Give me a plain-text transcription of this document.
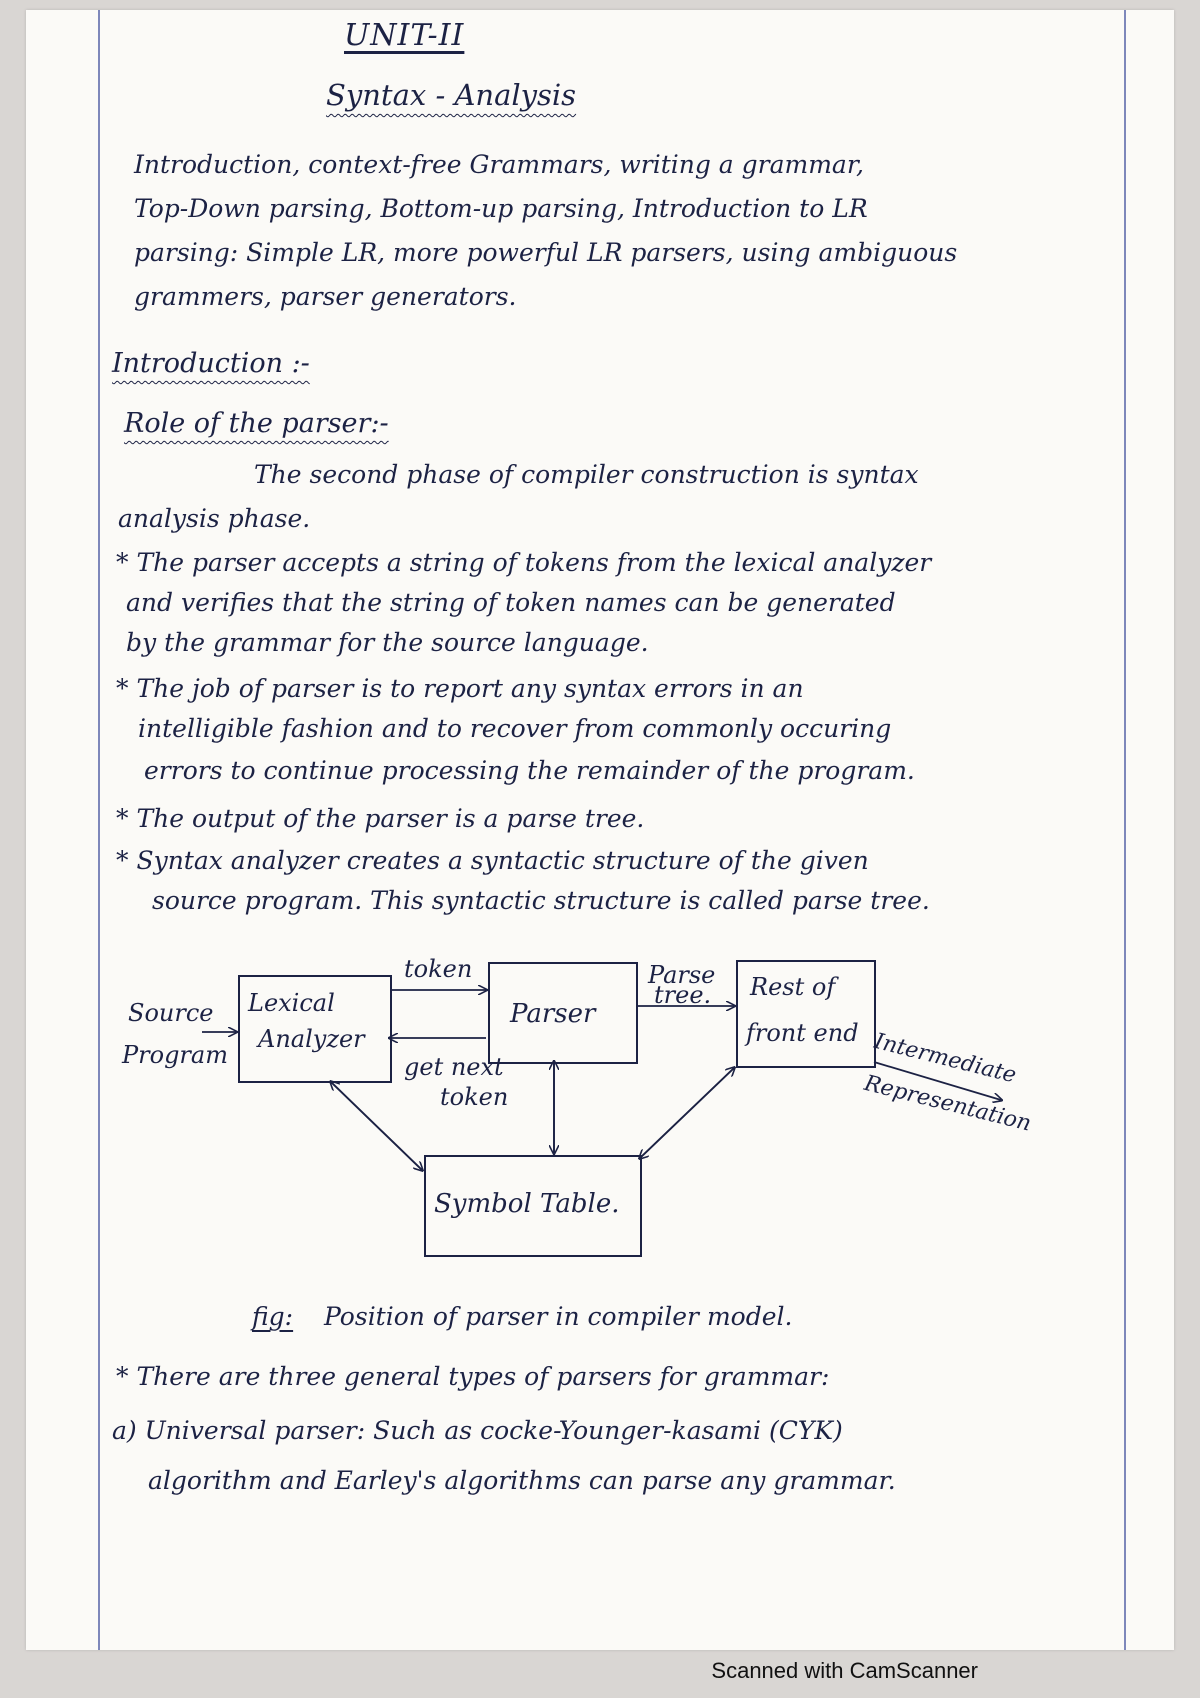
UNIT-II
Syntax - Analysis
Introduction, context-free Grammars, writing a grammar,
Top-Down parsing, Bottom-up parsing, Introduction to LR
parsing: Simple LR, more powerful LR parsers, using ambiguous
grammers, parser generators.
Introduction :-
Role of the parser:-
The second phase of compiler construction is syntax
analysis phase.
* The parser accepts a string of tokens from the lexical analyzer
and verifies that the string of token names can be generated
by the grammar for the source language.
* The job of parser is to report any syntax errors in an
intelligible fashion and to recover from commonly occuring
errors to continue processing the remainder of the program.
* The output of the parser is a parse tree.
* Syntax analyzer creates a syntactic structure of the given
source program. This syntactic structure is called parse tree.
Source
Program
Lexical
Analyzer
token
get next
token
Parser
Parse
tree. Rest of
front end Intermediate
Representation
Symbol Table.
fig: Position of parser in compiler model.
* There are three general types of parsers for grammar:
a) Universal parser: Such as cocke-Younger-kasami (CYK)
algorithm and Earley's algorithms can parse any grammar.
Scanned with CamScanner
